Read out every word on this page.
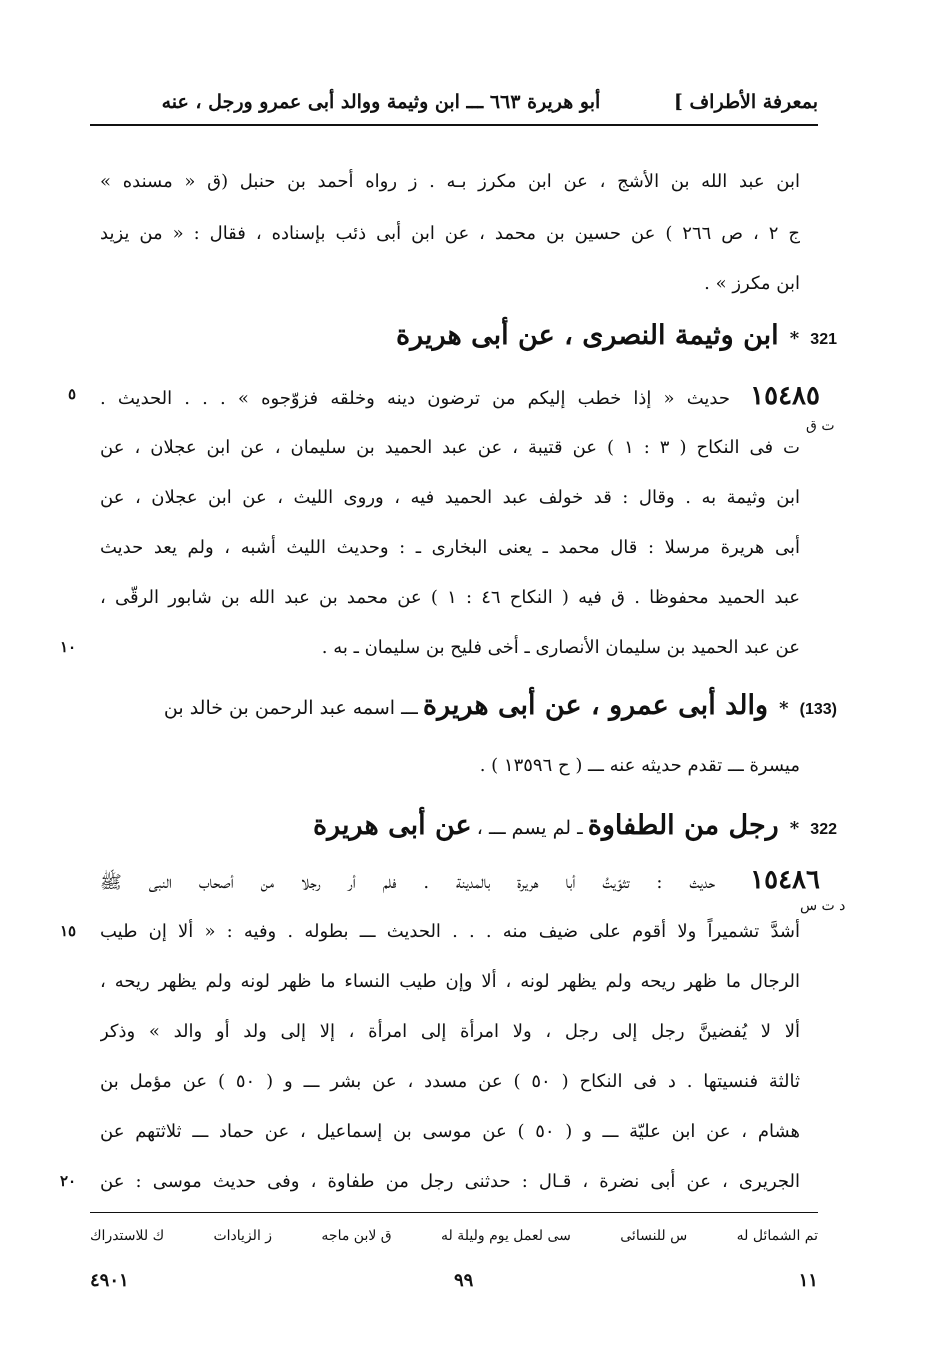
أبو هريرة ٦٦٣ ـــ ابن وثيمة ووالد أبى عمرو ورجل ، عنه	بمعرفة الأطراف ]
ابن عبد الله بن الأشج ، عن ابن مكرز بـه . ز رواه أحمد بن حنبل (ق « مسنده »
ج ٢ ، ص ٢٦٦ ) عن حسين بن محمد ، عن ابن أبى ذئب بإسناده ، فقال : « من يزيد
ابن مكرز » .
321 * ابن وثيمة النصرى ، عن أبى هريرة
١٥٤٨٥ حديث « إذا خطب إليكم من ترضون دينه وخلقه فزوّجوه » . . . الحديث .
٥
ت ق
ت فى النكاح ( ٣ : ١ ) عن قتيبة ، عن عبد الحميد بن سليمان ، عن ابن عجلان ، عن
ابن وثيمة به . وقال : قد خولف عبد الحميد فيه ، وروى الليث ، عن ابن عجلان ، عن
أبى هريرة مرسلا : قال محمد ـ يعنى البخارى ـ : وحديث الليث أشبه ، ولم يعد حديث
عبد الحميد محفوظا . ق فيه ( النكاح ٤٦ : ١ ) عن محمد بن عبد الله بن شابور الرقّى ،
عن عبد الحميد بن سليمان الأنصارى ـ أخى فليح بن سليمان ـ به .
١٠
(133) * والد أبى عمرو ، عن أبى هريرة ـــ اسمه عبد الرحمن بن خالد بن
ميسرة ـــ تقدم حديثه عنه ـــ ( ح ١٣٥٩٦ ) .
322 * رجل من الطفاوة ـ لم يسم ـــ ، عن أبى هريرة
١٥٤٨٦ حديث : تثوّيتُ أبا هريرة بالمدينة . فلم أر رجلا من أصحاب النبى ﷺ
د ت س
أشدَّ تشميراً ولا أقوم على ضيف منه . . . الحديث ـــ بطوله . وفيه : « ألا إن طيب
١٥
الرجال ما ظهر ريحه ولم يظهر لونه ، ألا وإن طيب النساء ما ظهر لونه ولم يظهر ريحه ،
ألا لا يُفضينَّ رجل إلى رجل ، ولا امرأة إلى امرأة ، إلا إلى ولد أو والد » وذكر
ثالثة فنسيتها . د فى النكاح ( ٥٠ ) عن مسدد ، عن بشر ـــ و ( ٥٠ ) عن مؤمل بن
هشام ، عن ابن عليّة ـــ و ( ٥٠ ) عن موسى بن إسماعيل ، عن حماد ـــ ثلاثتهم عن
الجريرى ، عن أبى نضرة ، قـال : حدثنى رجل من طفاوة ، وفى حديث موسى : عن
٢٠
تم الشمائل له
س للنسائى
سى لعمل يوم وليلة له
ق لابن ماجه
ز الزيادات
ك للاستدراك
٤٩٠١	٩٩	١١
